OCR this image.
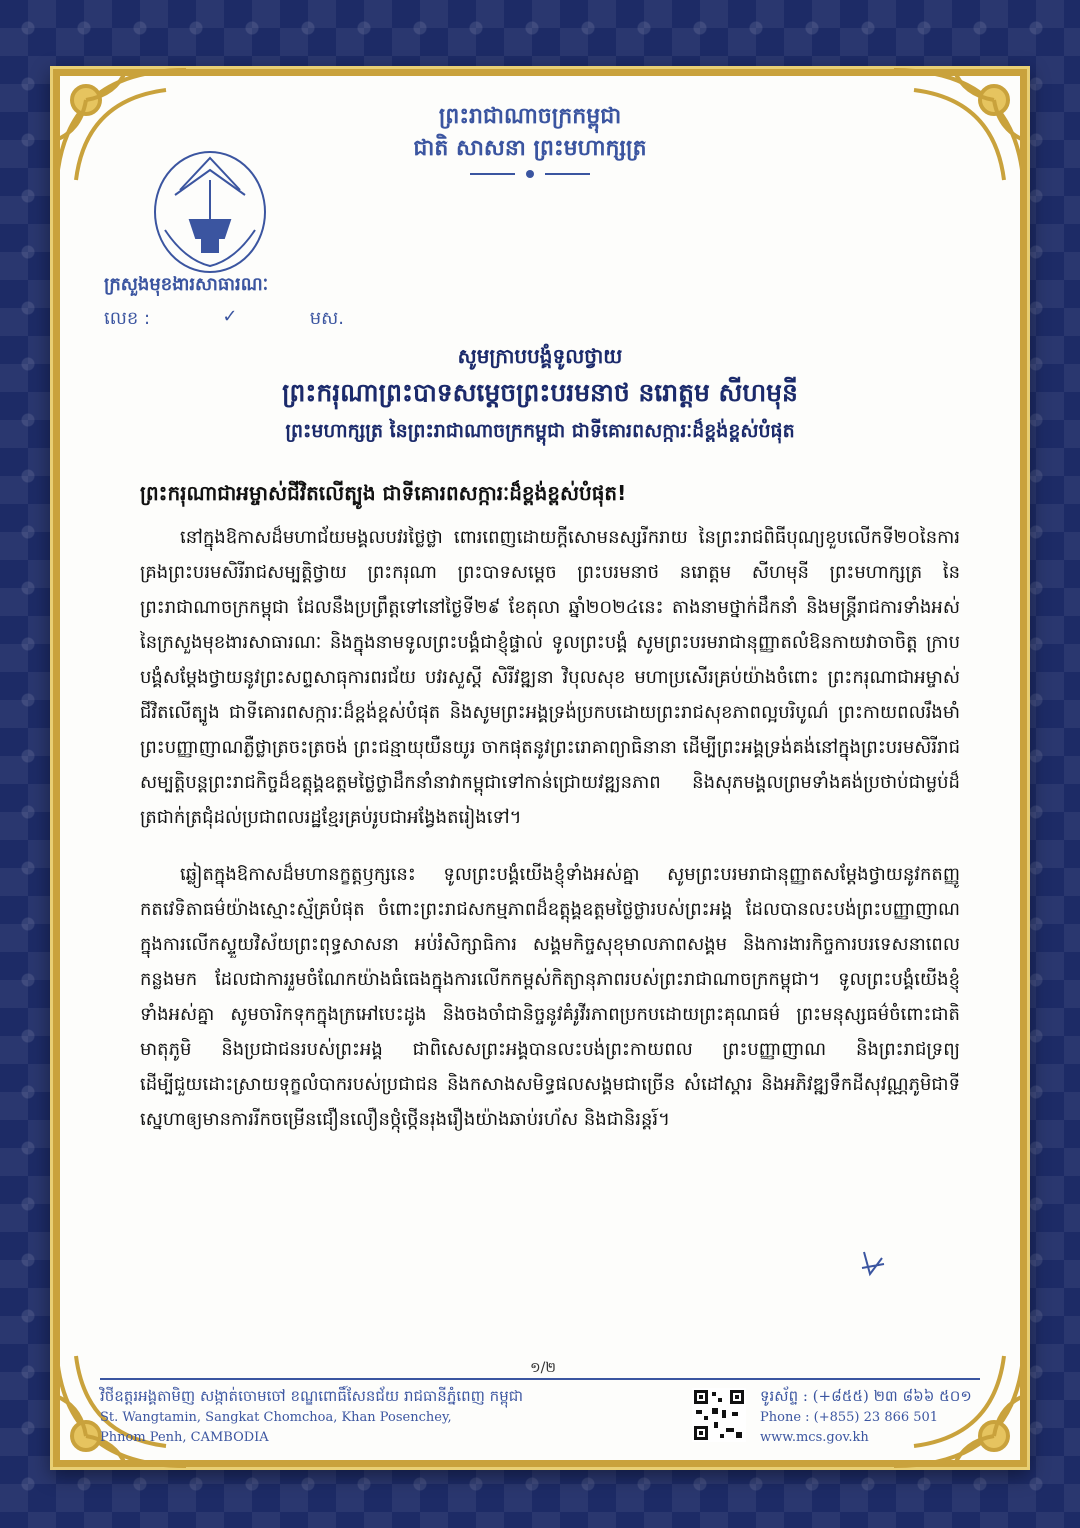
ព្រះរាជាណាចក្រកម្ពុជា
ជាតិ សាសនា ព្រះមហាក្សត្រ
ក្រសួងមុខងារសាធារណៈ
លេខ :	✓	មស.
សូមក្រាបបង្គំទូលថ្វាយ
ព្រះករុណាព្រះបាទសម្តេចព្រះបរមនាថ នរោត្តម សីហមុនី
ព្រះមហាក្សត្រ នៃព្រះរាជាណាចក្រកម្ពុជា ជាទីគោរពសក្ការៈដ៏ខ្ពង់ខ្ពស់បំផុត
ព្រះករុណាជាអម្ចាស់ជីវិតលើត្បូង ជាទីគោរពសក្ការៈដ៏ខ្ពង់ខ្ពស់បំផុត!

នៅក្នុងឱកាសដ៏មហាជ័យមង្គលបវរថ្លៃថ្លា ពោរពេញដោយក្តីសោមនស្សរីករាយ នៃព្រះរាជពិធីបុណ្យខួបលើកទី២០នៃការគ្រងព្រះបរមសិរីរាជសម្បត្តិថ្វាយ ព្រះករុណា ព្រះបាទសម្តេច ព្រះបរមនាថ នរោត្តម សីហមុនី ព្រះមហាក្សត្រ នៃព្រះរាជាណាចក្រកម្ពុជា ដែលនឹងប្រព្រឹត្តទៅនៅថ្ងៃទី២៩ ខែតុលា ឆ្នាំ២០២៤នេះ តាងនាមថ្នាក់ដឹកនាំ និងមន្ត្រីរាជការទាំងអស់នៃក្រសួងមុខងារសាធារណៈ និងក្នុងនាមទូលព្រះបង្គំជាខ្ញុំផ្ទាល់ ទូលព្រះបង្គំ សូមព្រះបរមរាជានុញ្ញាតលំឱនកាយវាចាចិត្ត ក្រាបបង្គំសម្តែងថ្វាយនូវព្រះសព្ទសាធុការពរជ័យ បវរសួស្តី សិរីវឌ្ឍនា វិបុលសុខ មហាប្រសើរគ្រប់យ៉ាងចំពោះ ព្រះករុណាជាអម្ចាស់ជីវិតលើត្បូង ជាទីគោរពសក្ការៈដ៏ខ្ពង់ខ្ពស់បំផុត និងសូមព្រះអង្គទ្រង់ប្រកបដោយព្រះរាជសុខភាពល្អបរិបូណ៌ ព្រះកាយពលរឹងមាំ ព្រះបញ្ញាញាណភ្លឺថ្លាត្រចះត្រចង់ ព្រះជន្មាយុយឺនយូរ ចាកផុតនូវព្រះរោគាព្យាធិនានា ដើម្បីព្រះអង្គទ្រង់គង់នៅក្នុងព្រះបរមសិរីរាជសម្បត្តិបន្តព្រះរាជកិច្ចដ៏ឧត្តុង្គឧត្តមថ្លៃថ្លាដឹកនាំនាវាកម្ពុជាទៅកាន់ជ្រោយវឌ្ឍនភាព និងសុភមង្គលព្រមទាំងគង់ប្រថាប់ជាម្លប់ដ៏ត្រជាក់ត្រជុំដល់ប្រជាពលរដ្ឋខ្មែរគ្រប់រូបជាអង្វែងតរៀងទៅ។

ឆ្លៀតក្នុងឱកាសដ៏មហានក្ខត្តឫក្សនេះ ទូលព្រះបង្គំយើងខ្ញុំទាំងអស់គ្នា សូមព្រះបរមរាជានុញ្ញាតសម្តែងថ្វាយនូវកតញ្ញូកតវេទិតាធម៌យ៉ាងស្មោះស្ម័គ្របំផុត ចំពោះព្រះរាជសកម្មភាពដ៏ឧត្តុង្គឧត្តមថ្លៃថ្លារបស់ព្រះអង្គ ដែលបានលះបង់ព្រះបញ្ញាញាណ ក្នុងការលើកស្ទួយវិស័យព្រះពុទ្ធសាសនា អប់រំសិក្សាធិការ សង្គមកិច្ចសុខុមាលភាពសង្គម និងការងារកិច្ចការបរទេសនាពេលកន្លងមក ដែលជាការរួមចំណែកយ៉ាងធំធេងក្នុងការលើកកម្ពស់កិត្យានុភាពរបស់ព្រះរាជាណាចក្រកម្ពុជា។ ទូលព្រះបង្គំយើងខ្ញុំទាំងអស់គ្នា សូមចារិកទុកក្នុងក្រអៅបេះដូង និងចងចាំជានិច្ចនូវគំរូវីរភាពប្រកបដោយព្រះគុណធម៌ ព្រះមនុស្សធម៌ចំពោះជាតិ មាតុភូមិ និងប្រជាជនរបស់ព្រះអង្គ ជាពិសេសព្រះអង្គបានលះបង់ព្រះកាយពល ព្រះបញ្ញាញាណ និងព្រះរាជទ្រព្យ ដើម្បីជួយដោះស្រាយទុក្ខលំបាករបស់ប្រជាជន និងកសាងសមិទ្ធផលសង្គមជាច្រើន សំដៅស្តារ និងអភិវឌ្ឍទឹកដីសុវណ្ណភូមិជាទីស្នេហាឲ្យមានការរីកចម្រើនជឿនលឿនថ្កុំថ្កើនរុងរឿងយ៉ាងឆាប់រហ័ស និងជានិរន្តរ៍។

១/២
វិថីឧត្តរអង្គតាមិញ សង្កាត់ចោមចៅ ខណ្ឌពោធិ៍សែនជ័យ រាជធានីភ្នំពេញ កម្ពុជា
St. Wangtamin, Sangkat Chomchoa, Khan Posenchey,
Phnom Penh, CAMBODIA
ទូរស័ព្ទ : (+៨៥៥) ២៣ ៨៦៦ ៥០១
Phone : (+855) 23 866 501
www.mcs.gov.kh
